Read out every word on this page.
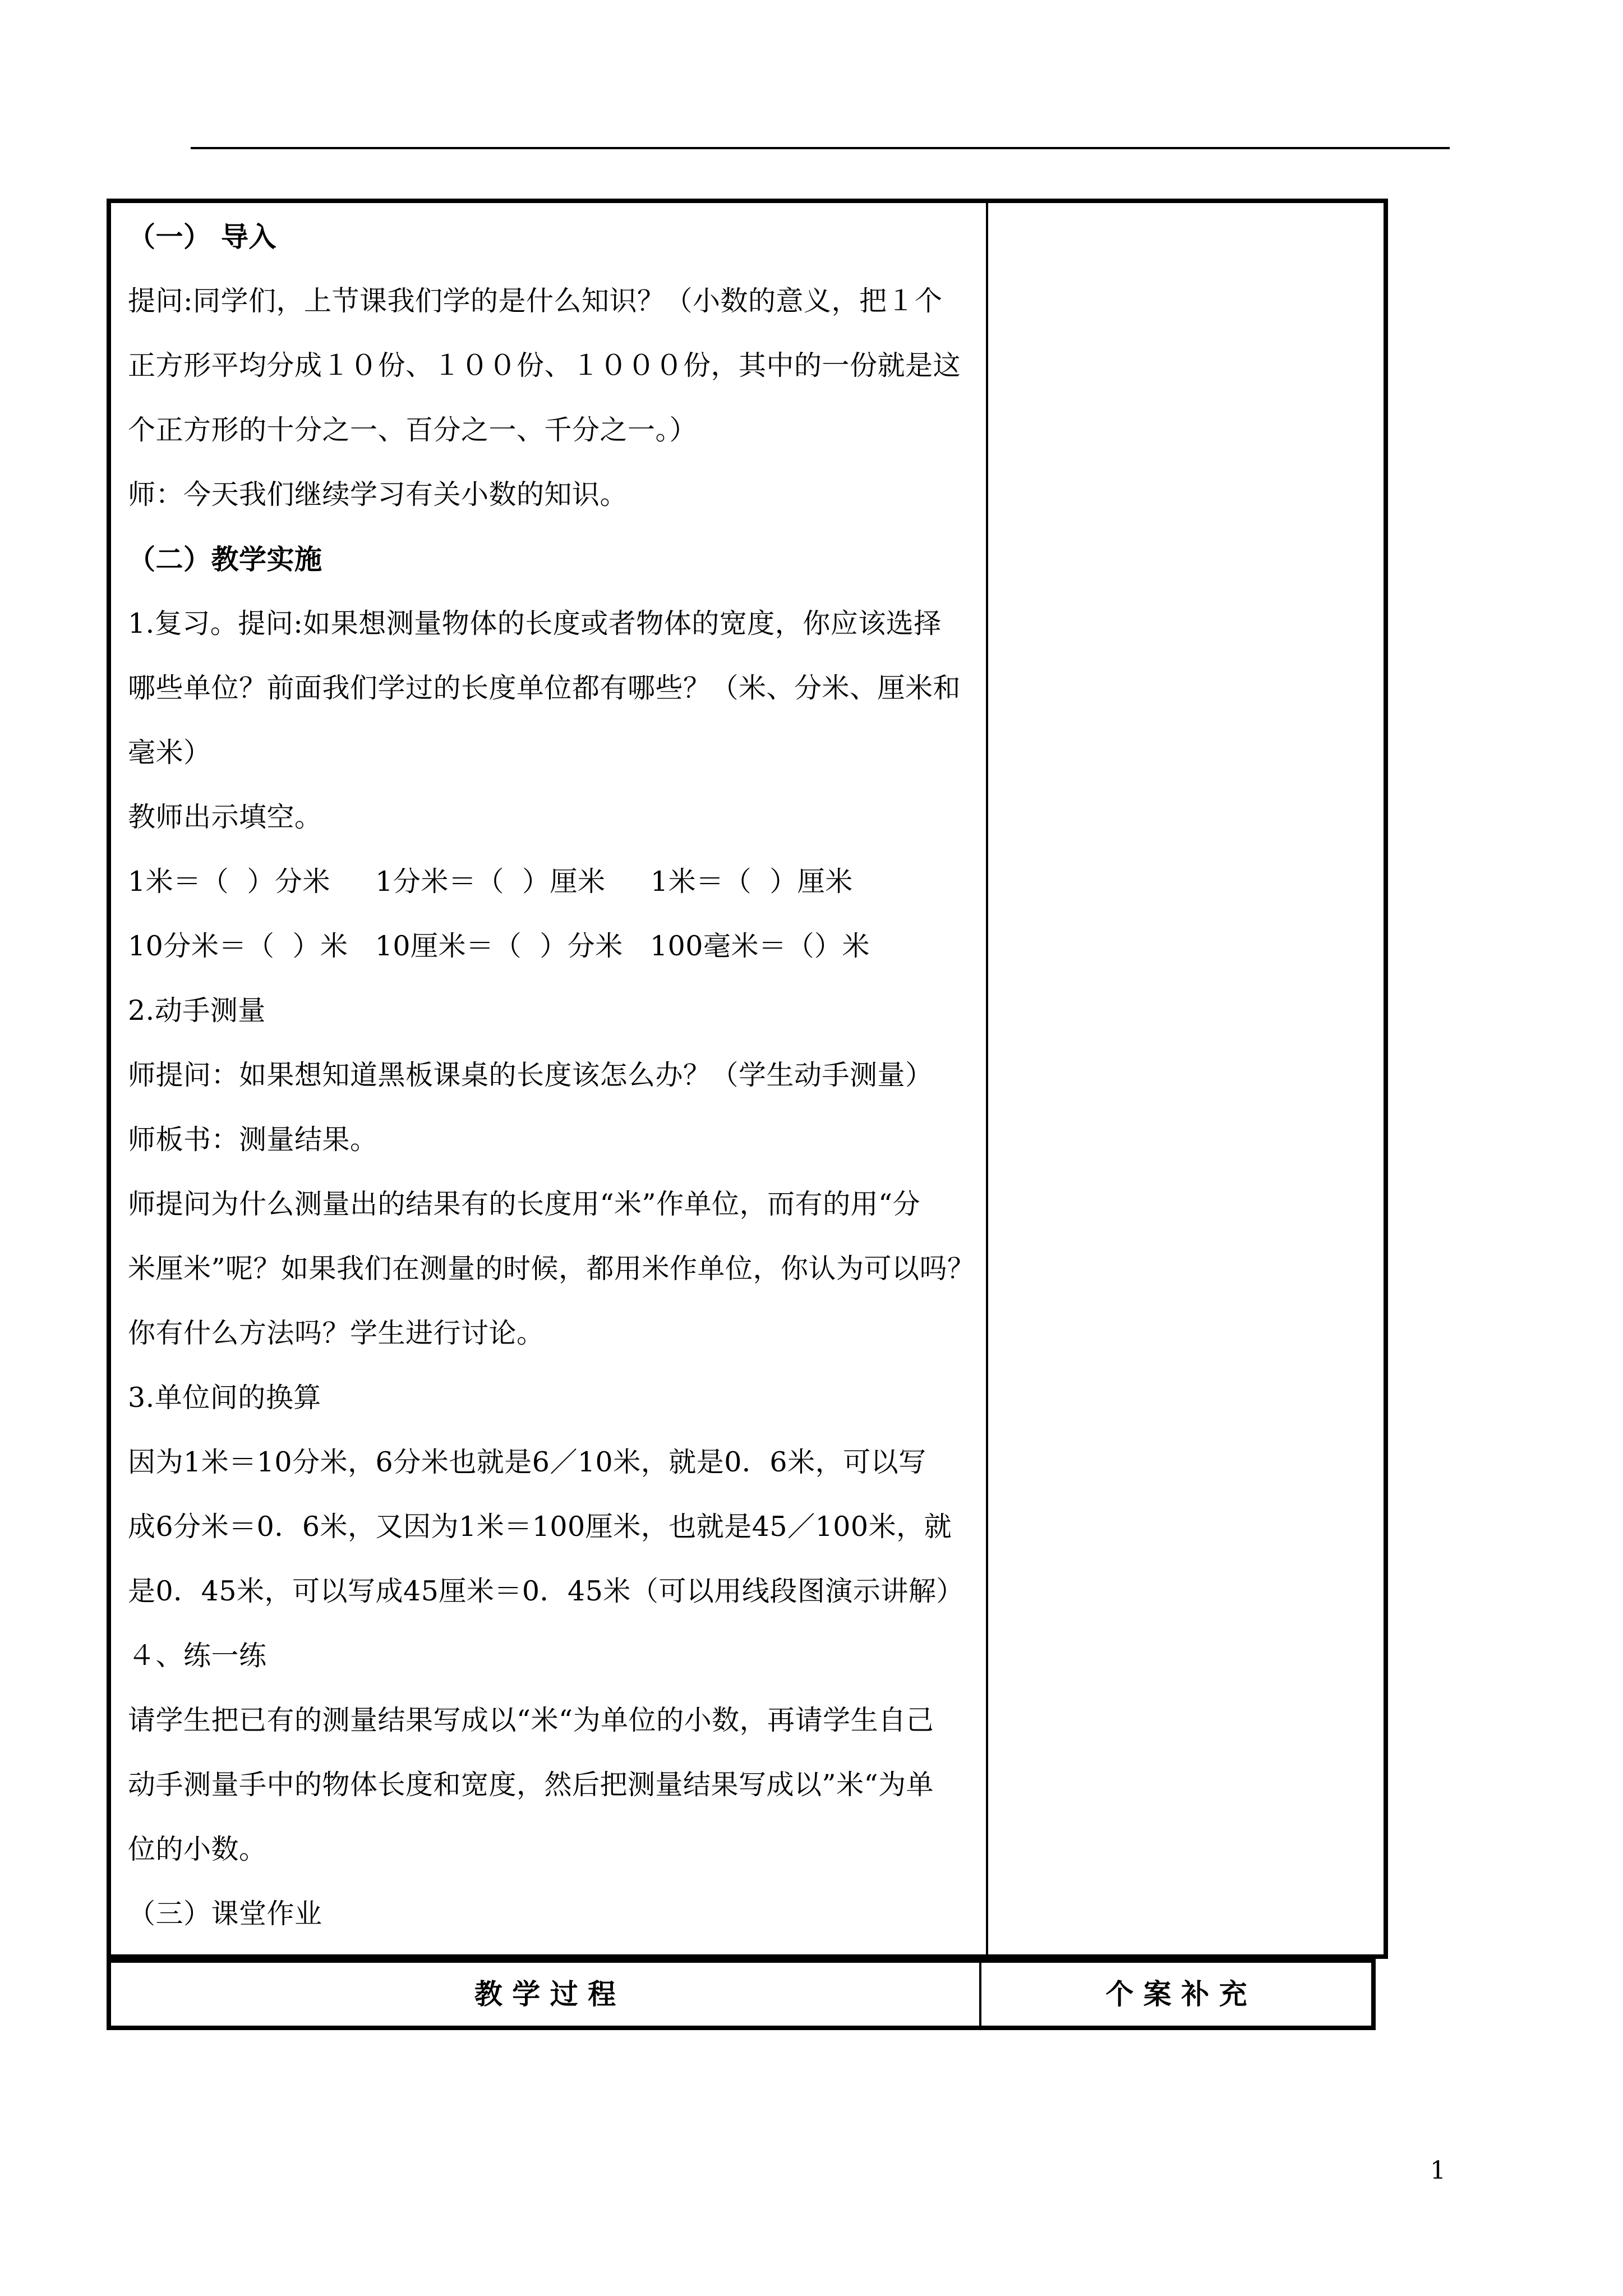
（一） 导入
提问:同学们，上节课我们学的是什么知识？（小数的意义，把１个
正方形平均分成１０份、１００份、１０００份，其中的一份就是这
个正方形的十分之一、百分之一、千分之一。）
师：今天我们继续学习有关小数的知识。
（二）教学实施
1.复习。提问:如果想测量物体的长度或者物体的宽度，你应该选择
哪些单位？前面我们学过的长度单位都有哪些？（米、分米、厘米和
毫米）
教师出示填空。
1米＝（  ）分米     1分米＝（  ）厘米     1米＝（  ）厘米
10分米＝（  ）米   10厘米＝（  ）分米   100毫米＝（）米
2.动手测量
师提问：如果想知道黑板课桌的长度该怎么办？（学生动手测量）
师板书：测量结果。
师提问为什么测量出的结果有的长度用“米”作单位，而有的用“分
米厘米”呢？如果我们在测量的时候，都用米作单位，你认为可以吗？
你有什么方法吗？学生进行讨论。
3.单位间的换算
因为1米＝10分米，6分米也就是6／10米，就是0．6米，可以写
成6分米＝0．6米，又因为1米＝100厘米，也就是45／100米，就
是0．45米，可以写成45厘米＝0．45米（可以用线段图演示讲解）
４、练一练
请学生把已有的测量结果写成以“米“为单位的小数，再请学生自己
动手测量手中的物体长度和宽度，然后把测量结果写成以”米“为单
位的小数。
（三）课堂作业
教 学 过 程	个 案 补 充
1
